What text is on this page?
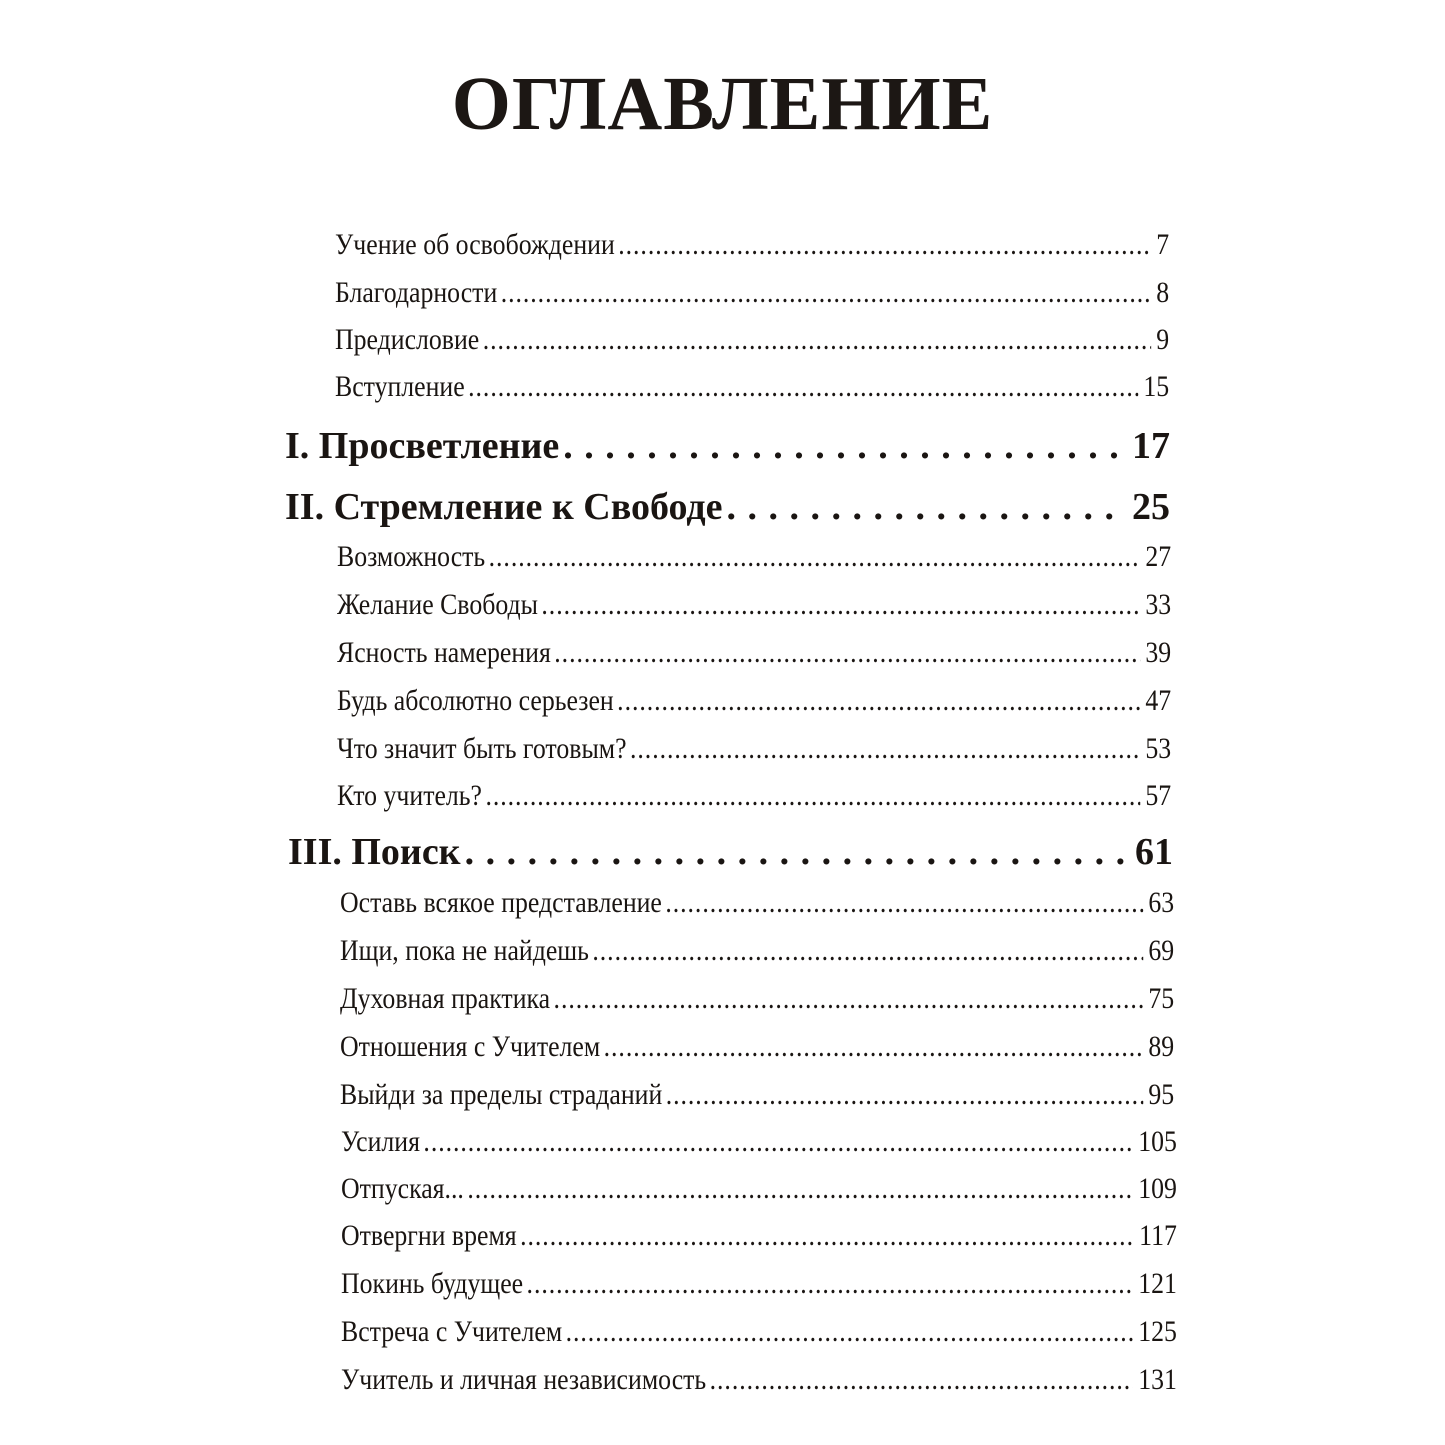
ОГЛАВЛЕНИЕ
Учение об освобождении . . .	7
Благодарности . . .	8
Предисловие . . .	9
Вступление . . .	15
I. Просветление . .	17
II. Стремление к Свободе . .	25
Возможность . . .	27
Желание Свободы . . .	33
Ясность намерения . . .	39
Будь абсолютно серьезен . . .	47
Что значит быть готовым? . . .	53
Кто учитель? . . .	57
III. Поиск . .	61
Оставь всякое представление . . .	63
Ищи, пока не найдешь . . .	69
Духовная практика . . .	75
Отношения с Учителем . . .	89
Выйди за пределы страданий . . .	95
Усилия . . .	105
Отпуская... . . .	109
Отвергни время . . .	117
Покинь будущее . . .	121
Встреча с Учителем . . .	125
Учитель и личная независимость . . .	131
